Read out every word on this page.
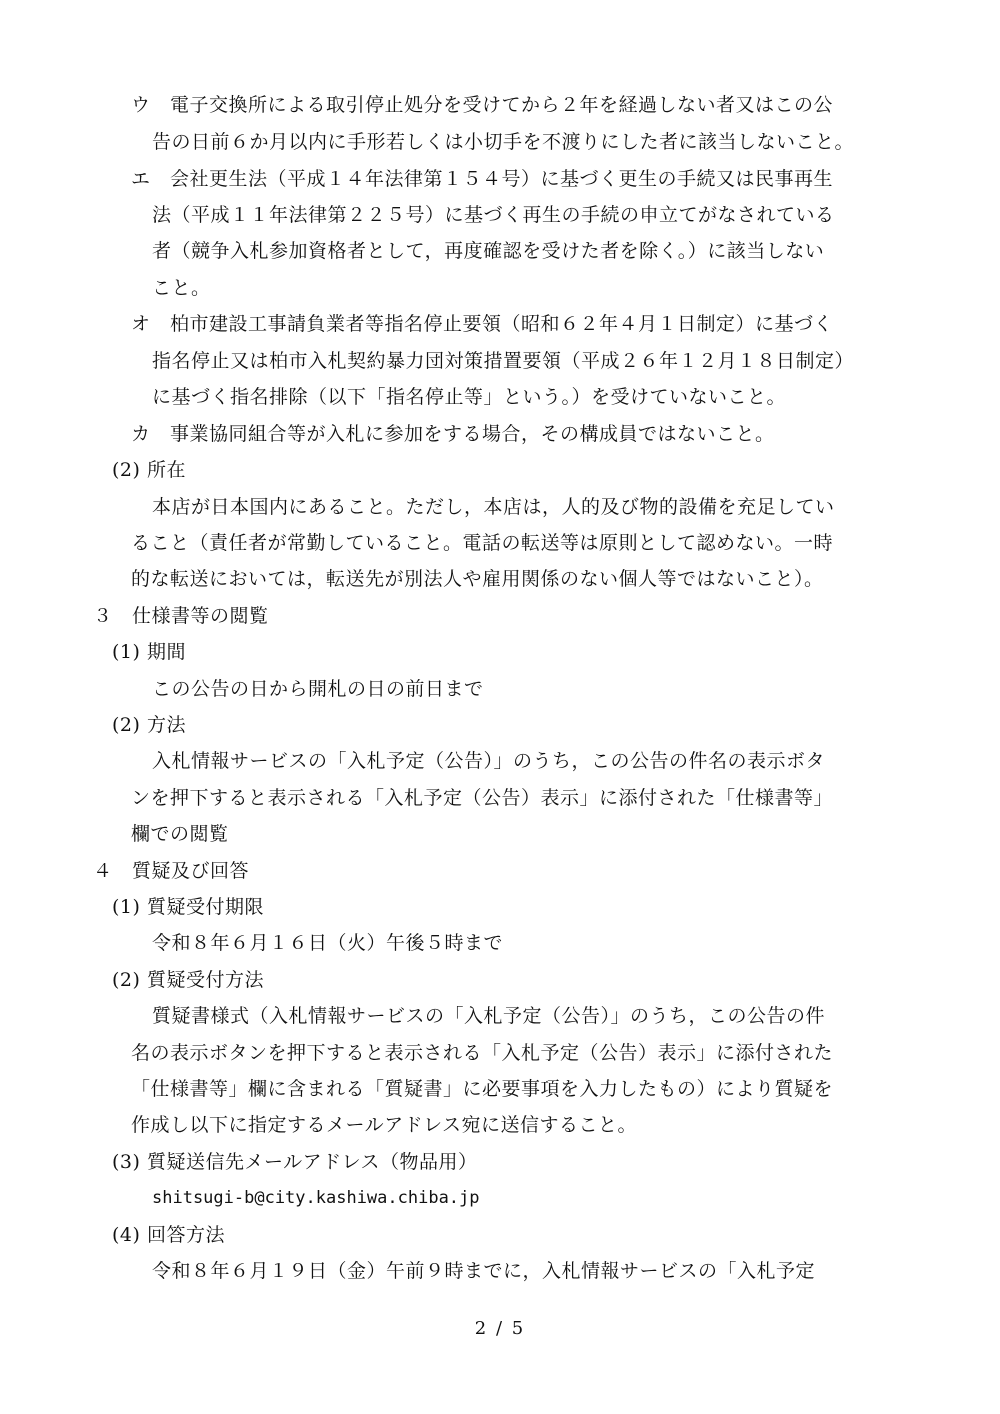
ウ　電子交換所による取引停止処分を受けてから２年を経過しない者又はこの公
告の日前６か月以内に手形若しくは小切手を不渡りにした者に該当しないこと。
エ　会社更生法（平成１４年法律第１５４号）に基づく更生の手続又は民事再生
法（平成１１年法律第２２５号）に基づく再生の手続の申立てがなされている
者（競争入札参加資格者として，再度確認を受けた者を除く。）に該当しない
こと。
オ　柏市建設工事請負業者等指名停止要領（昭和６２年４月１日制定）に基づく
指名停止又は柏市入札契約暴力団対策措置要領（平成２６年１２月１８日制定）
に基づく指名排除（以下「指名停止等」という。）を受けていないこと。
カ　事業協同組合等が入札に参加をする場合，その構成員ではないこと。
(2) 所在
本店が日本国内にあること。ただし，本店は，人的及び物的設備を充足してい
ること（責任者が常勤していること。電話の転送等は原則として認めない。一時
的な転送においては，転送先が別法人や雇用関係のない個人等ではないこと）。
３　仕様書等の閲覧
(1) 期間
この公告の日から開札の日の前日まで
(2) 方法
入札情報サービスの「入札予定（公告）」のうち，この公告の件名の表示ボタ
ンを押下すると表示される「入札予定（公告）表示」に添付された「仕様書等」
欄での閲覧
４　質疑及び回答
(1) 質疑受付期限
令和８年６月１６日（火）午後５時まで
(2) 質疑受付方法
質疑書様式（入札情報サービスの「入札予定（公告）」のうち，この公告の件
名の表示ボタンを押下すると表示される「入札予定（公告）表示」に添付された
「仕様書等」欄に含まれる「質疑書」に必要事項を入力したもの）により質疑を
作成し以下に指定するメールアドレス宛に送信すること。
(3) 質疑送信先メールアドレス（物品用）
shitsugi-b@city.kashiwa.chiba.jp
(4) 回答方法
令和８年６月１９日（金）午前９時までに，入札情報サービスの「入札予定
2 / 5
